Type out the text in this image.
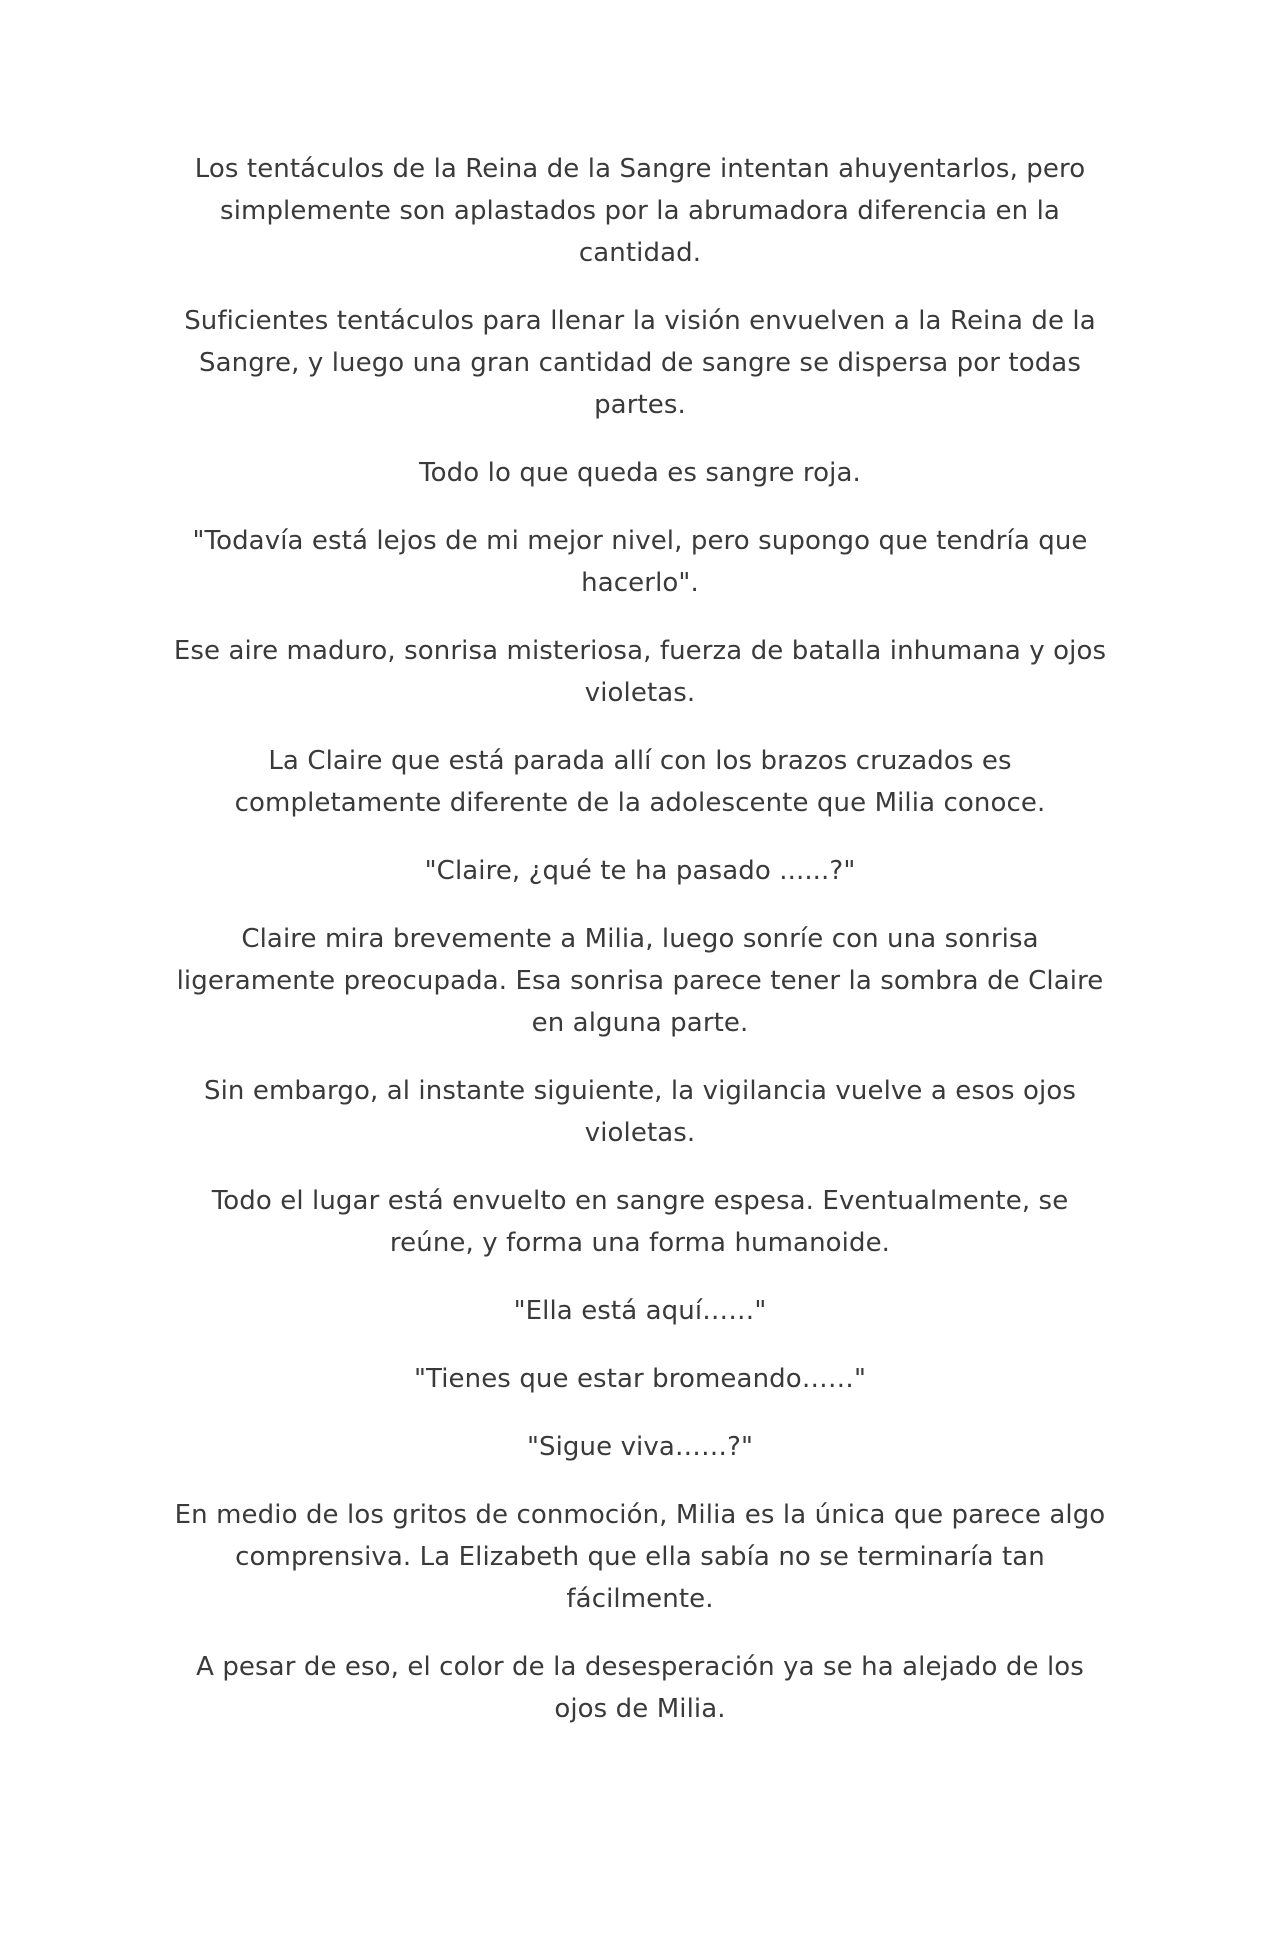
Los tentáculos de la Reina de la Sangre intentan ahuyentarlos, pero simplemente son aplastados por la abrumadora diferencia en la cantidad.

Suficientes tentáculos para llenar la visión envuelven a la Reina de la Sangre, y luego una gran cantidad de sangre se dispersa por todas partes.

Todo lo que queda es sangre roja.

"Todavía está lejos de mi mejor nivel, pero supongo que tendría que hacerlo".

Ese aire maduro, sonrisa misteriosa, fuerza de batalla inhumana y ojos violetas.

La Claire que está parada allí con los brazos cruzados es completamente diferente de la adolescente que Milia conoce.

"Claire, ¿qué te ha pasado ......?"

Claire mira brevemente a Milia, luego sonríe con una sonrisa ligeramente preocupada. Esa sonrisa parece tener la sombra de Claire en alguna parte.

Sin embargo, al instante siguiente, la vigilancia vuelve a esos ojos violetas.

Todo el lugar está envuelto en sangre espesa. Eventualmente, se reúne, y forma una forma humanoide.

"Ella está aquí……"

"Tienes que estar bromeando……"

"Sigue viva……?"

En medio de los gritos de conmoción, Milia es la única que parece algo comprensiva. La Elizabeth que ella sabía no se terminaría tan fácilmente.

A pesar de eso, el color de la desesperación ya se ha alejado de los ojos de Milia.
